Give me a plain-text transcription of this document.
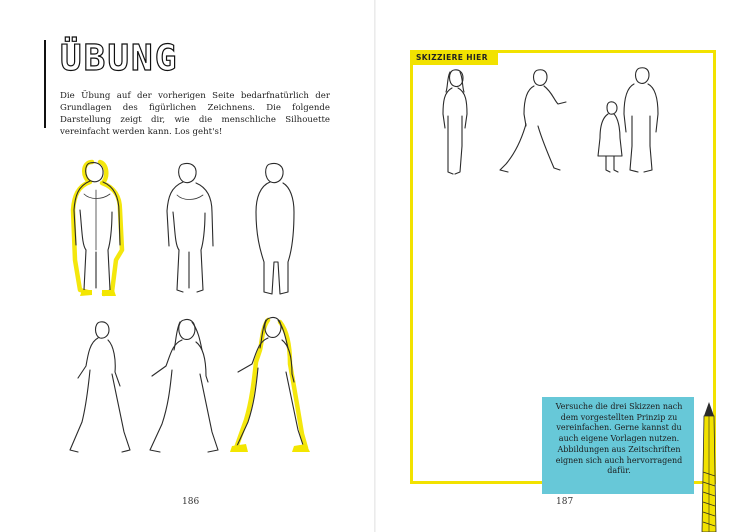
ÜBUNG
Die Übung auf der vorherigen Seite bedarfnatürlich der Grundlagen des figürlichen Zeichnens. Die folgende Darstellung zeigt dir, wie die menschliche Silhouette vereinfacht werden kann. Los geht's!
186
SKIZZIERE HIER
Versuche die drei Skizzen nach dem vorgestellten Prinzip zu vereinfachen. Gerne kannst du auch eigene Vorlagen nutzen. Abbildungen aus Zeitschriften eignen sich auch hervorragend dafür.
187
